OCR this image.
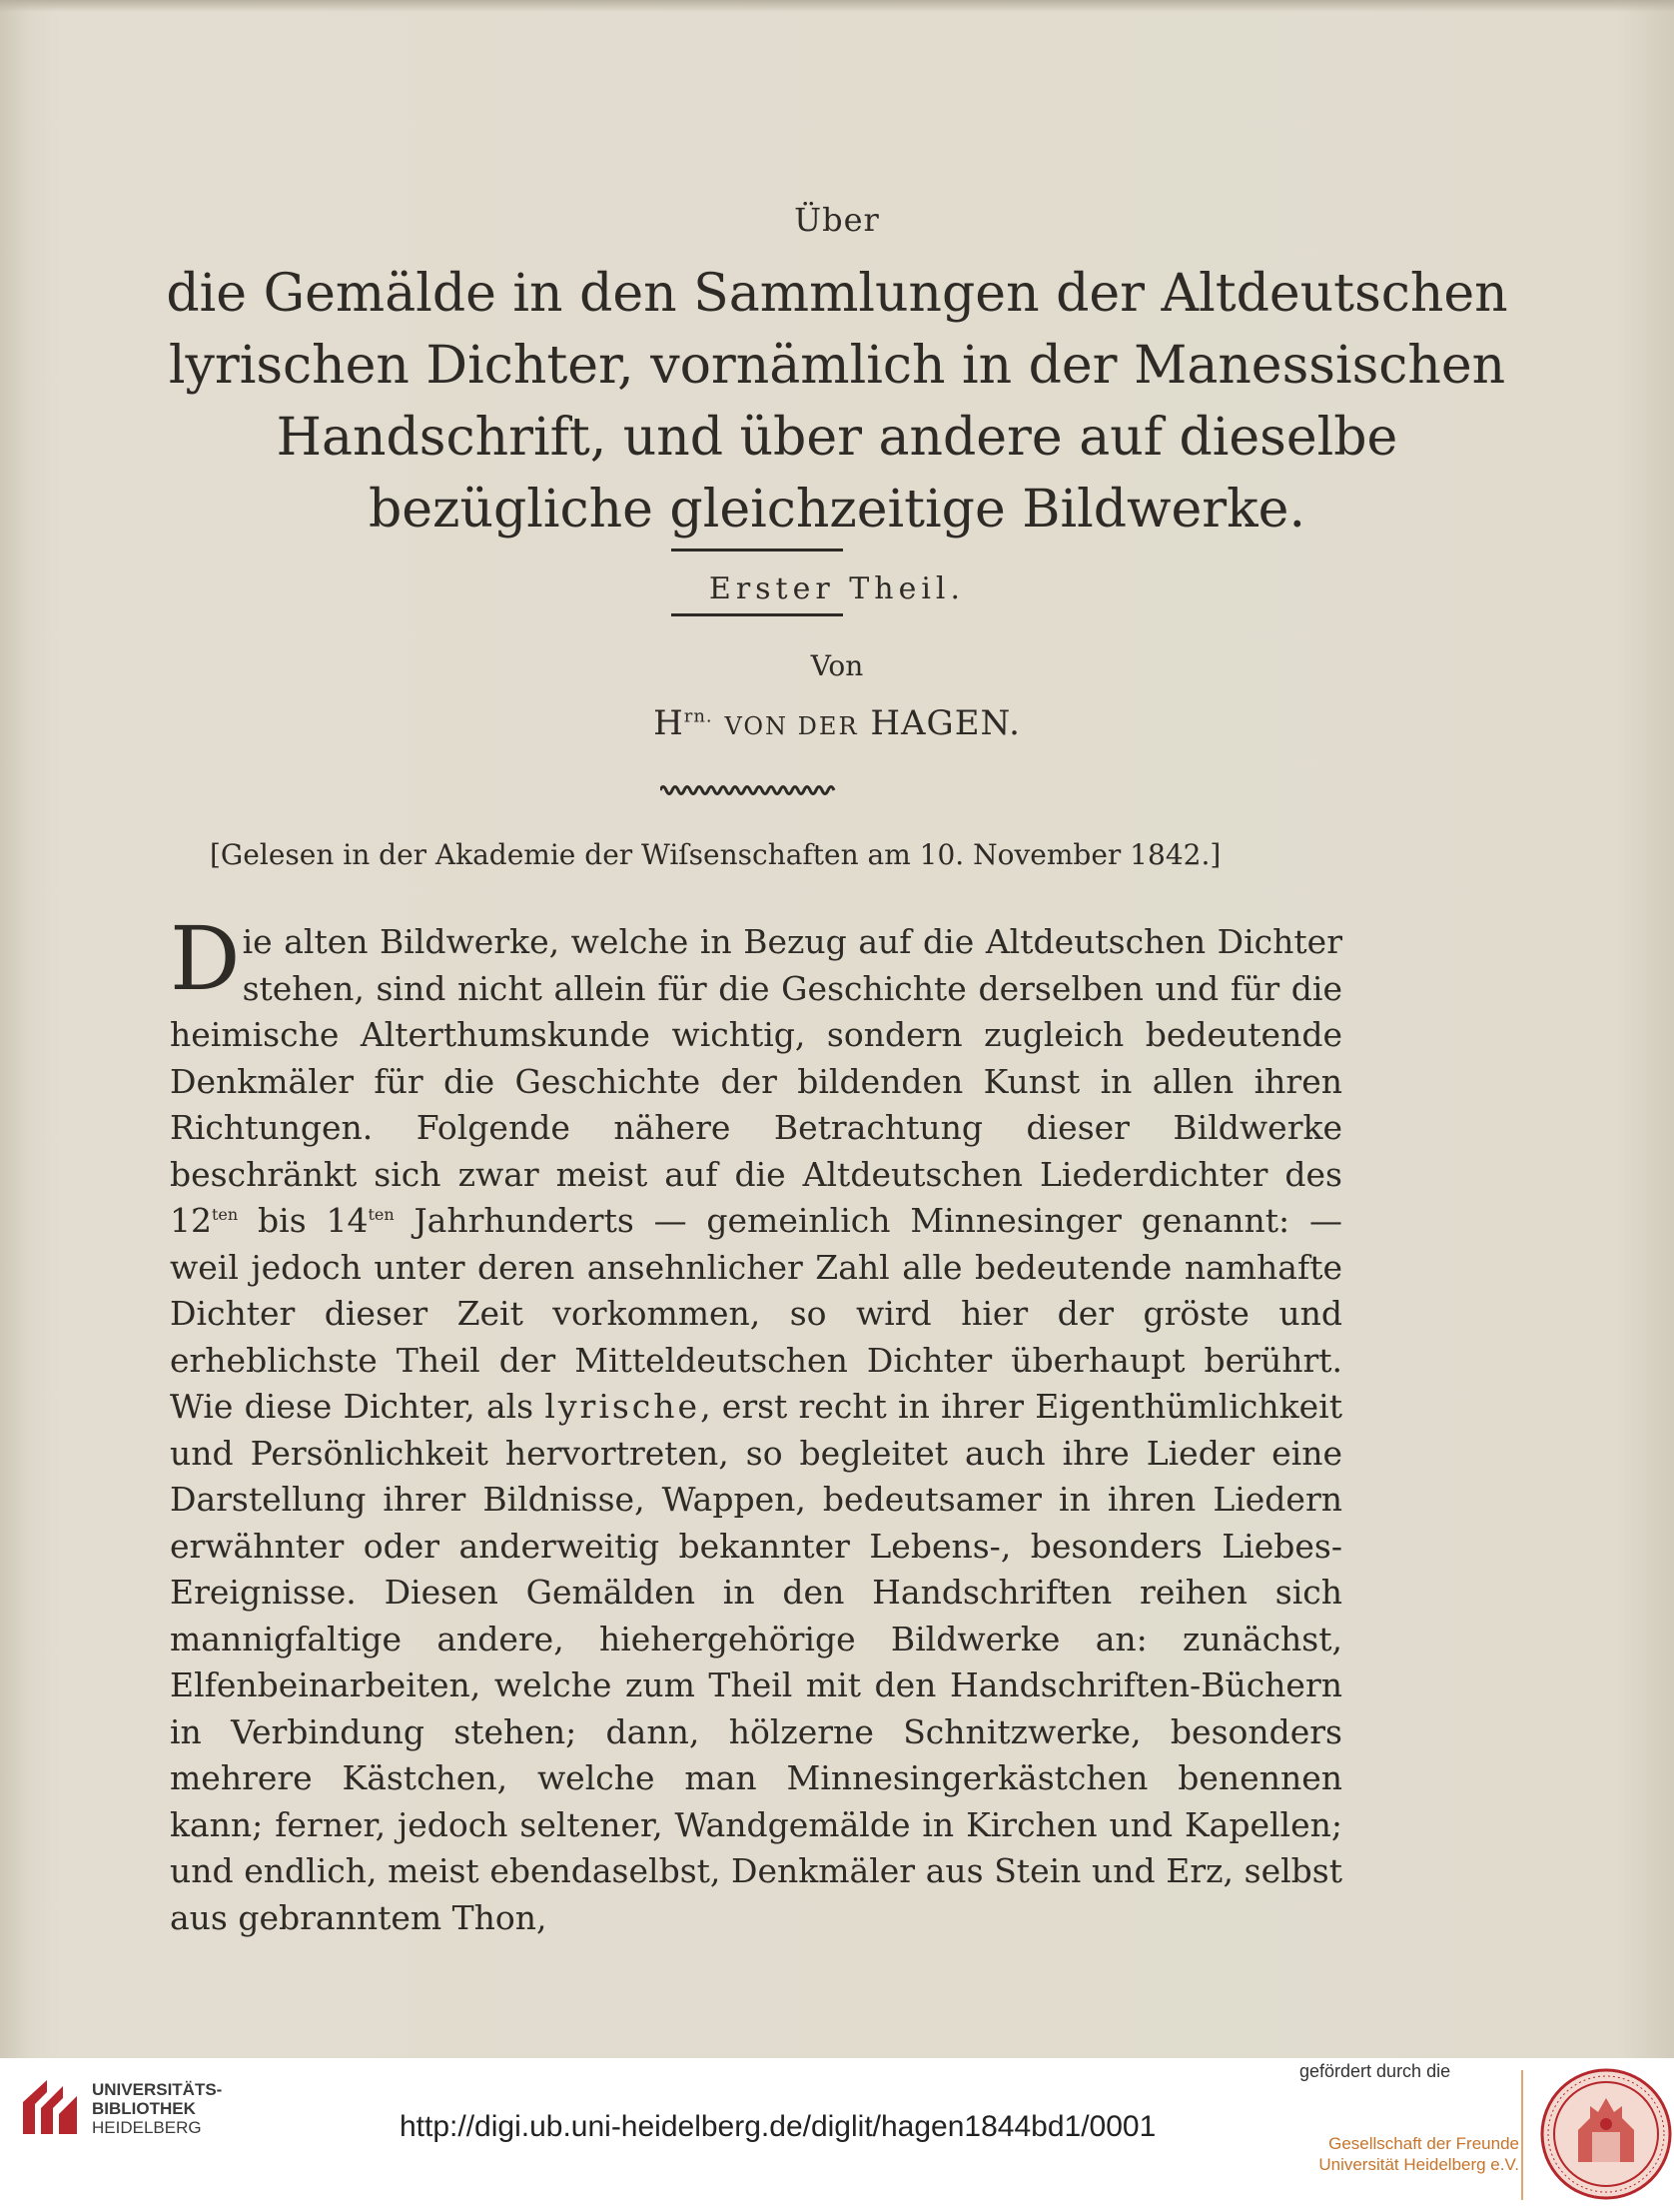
Über
die Gemälde in den Sammlungen der Altdeutschen
lyrischen Dichter, vornämlich in der Manessischen
Handschrift, und über andere auf dieselbe
bezügliche gleichzeitige Bildwerke.
Erster Theil.
Von
$H^{rn.}$ VON DER HAGEN.
[Gelesen in der Akademie der Wiſsenschaften am 10. November 1842.]

Die alten Bildwerke, welche in Bezug auf die Altdeutschen Dichter stehen, sind nicht allein für die Geschichte derselben und für die heimische Alterthumskunde wichtig, sondern zugleich bedeutende Denkmäler für die Geschichte der bildenden Kunst in allen ihren Richtungen. Folgende nähere Betrachtung dieser Bildwerke beschränkt sich zwar meist auf die Altdeutschen Liederdichter des $12^{ten}$ bis $14^{ten}$ Jahrhunderts — gemeinlich Minnesinger genannt: — weil jedoch unter deren ansehnlicher Zahl alle bedeutende namhafte Dichter dieser Zeit vorkommen, so wird hier der gröste und erheblichste Theil der Mitteldeutschen Dichter überhaupt berührt. Wie diese Dichter, als lyrische, erst recht in ihrer Eigenthümlichkeit und Persönlichkeit hervortreten, so begleitet auch ihre Lieder eine Darstellung ihrer Bildnisse, Wappen, bedeutsamer in ihren Liedern erwähnter oder anderweitig bekannter Lebens-, besonders Liebes-Ereignisse. Diesen Gemälden in den Handschriften reihen sich mannigfaltige andere, hiehergehörige Bildwerke an: zunächst, Elfenbeinarbeiten, welche zum Theil mit den Handschriften-Büchern in Verbindung stehen; dann, hölzerne Schnitzwerke, besonders mehrere Kästchen, welche man Minnesingerkästchen benennen kann; ferner, jedoch seltener, Wandgemälde in Kirchen und Kapellen; und endlich, meist ebendaselbst, Denkmäler aus Stein und Erz, selbst aus gebranntem Thon,

UNIVERSITÄTS-
BIBLIOTHEK
HEIDELBERG	http://digi.ub.uni-heidelberg.de/diglit/hagen1844bd1/0001
gefördert durch die
Gesellschaft der Freunde
Universität Heidelberg e.V.
